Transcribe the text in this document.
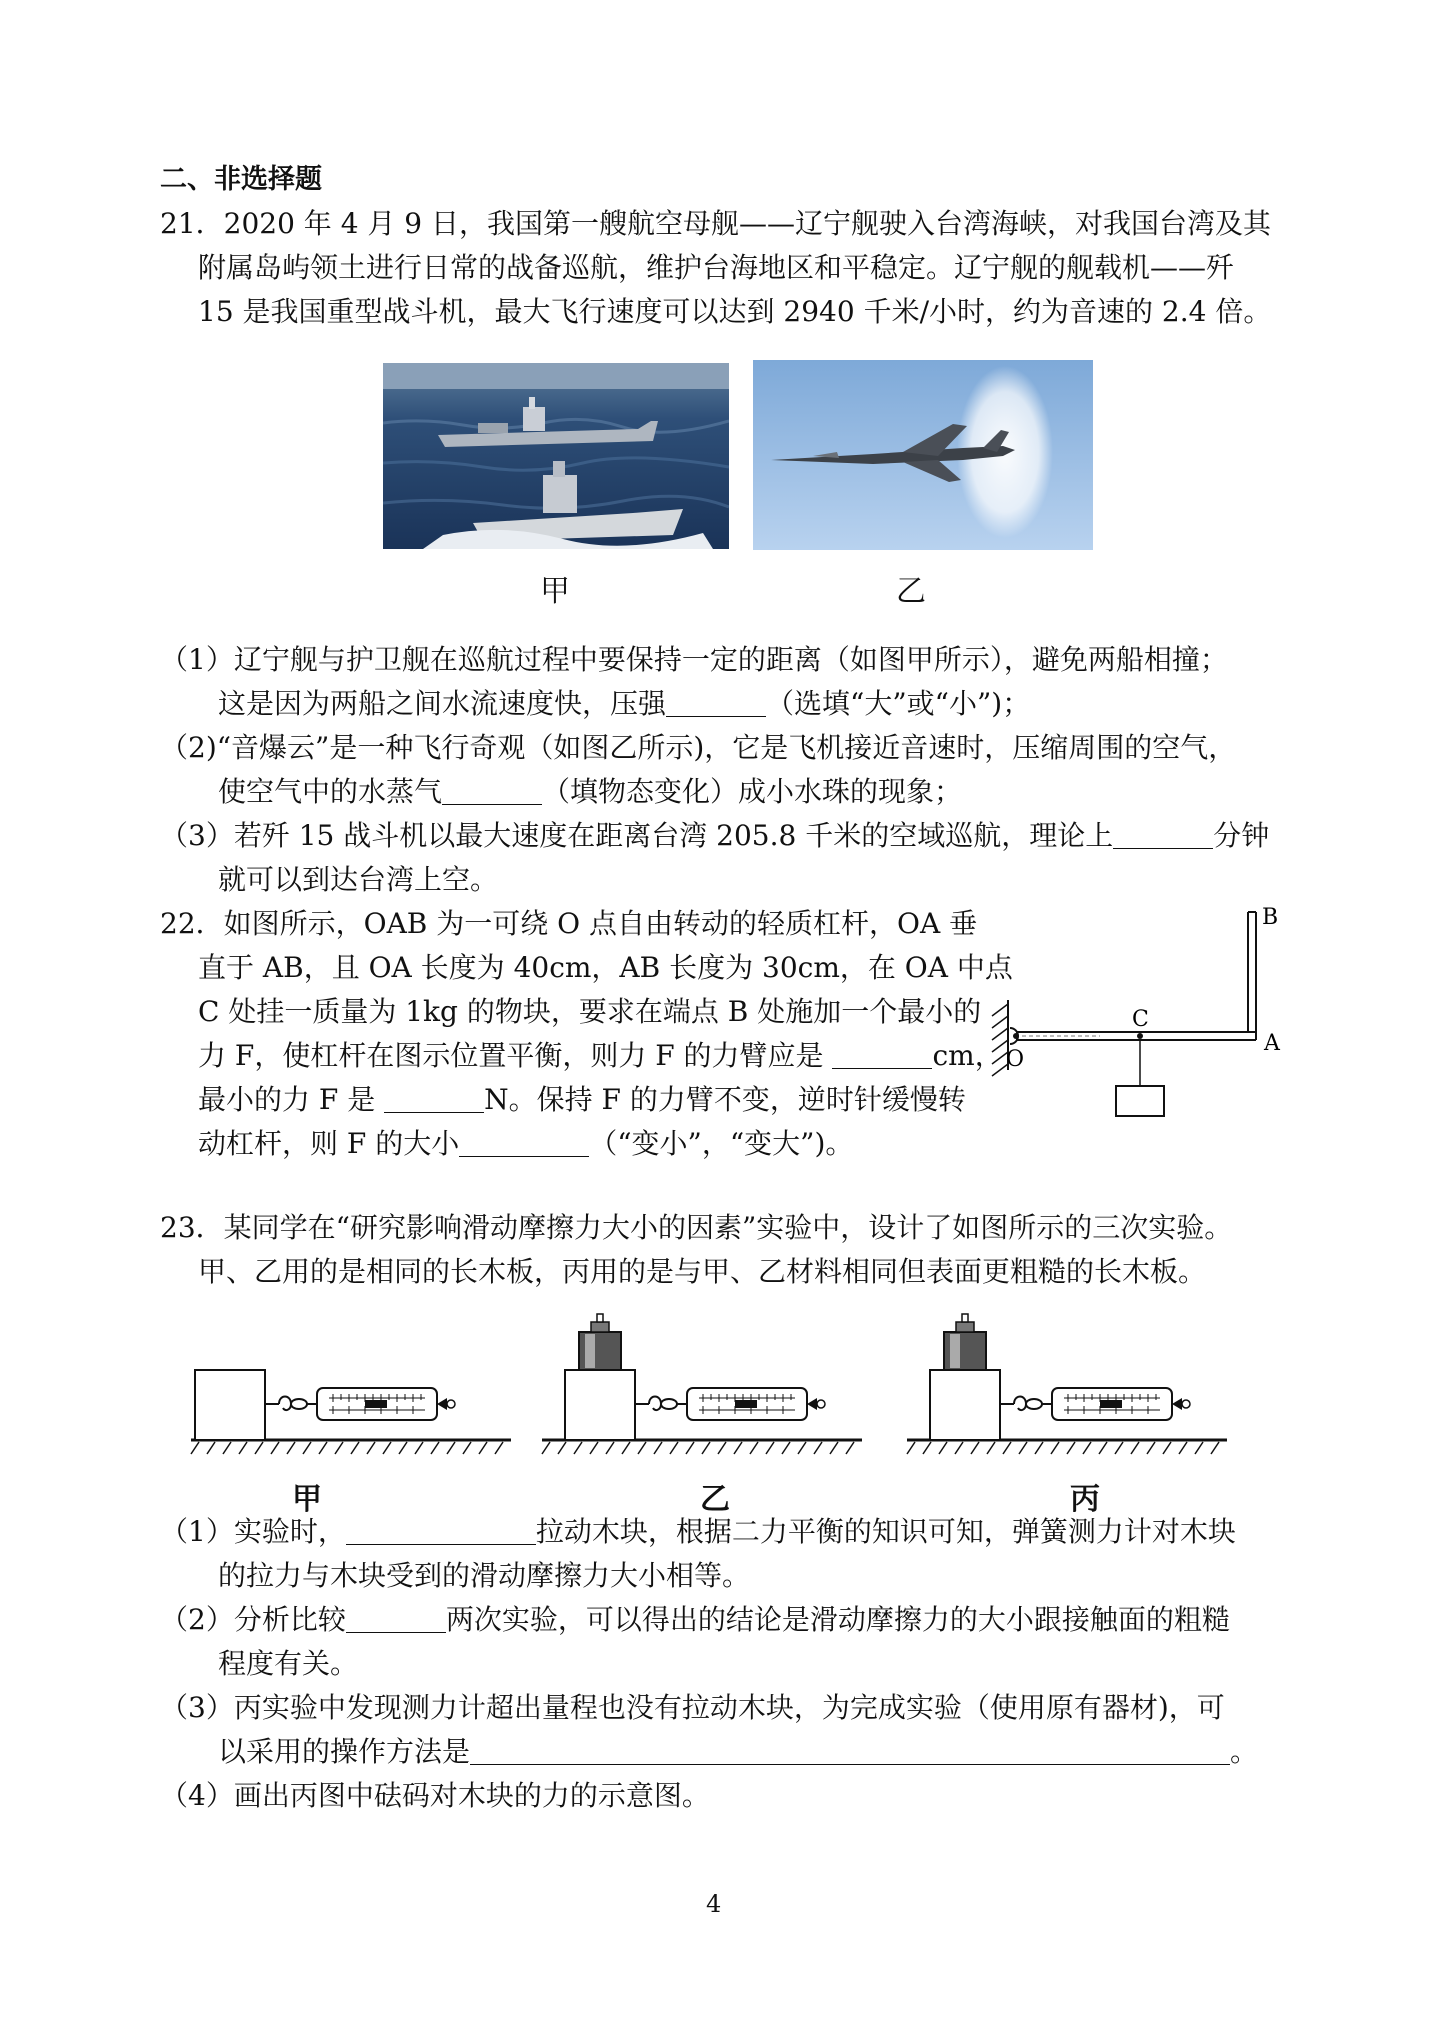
二、非选择题
21．2020 年 4 月 9 日，我国第一艘航空母舰——辽宁舰驶入台湾海峡，对我国台湾及其
附属岛屿领土进行日常的战备巡航，维护台海地区和平稳定。辽宁舰的舰载机——歼
15 是我国重型战斗机，最大飞行速度可以达到 2940 千米/小时，约为音速的 2.4 倍。
甲	乙
（1）辽宁舰与护卫舰在巡航过程中要保持一定的距离（如图甲所示），避免两船相撞；
这是因为两船之间水流速度快，压强	（选填“大”或“小”)；
（2)“音爆云”是一种飞行奇观（如图乙所示)，它是飞机接近音速时，压缩周围的空气，
使空气中的水蒸气	（填物态变化）成小水珠的现象；
（3）若歼 15 战斗机以最大速度在距离台湾 205.8 千米的空域巡航，理论上	分钟
就可以到达台湾上空。
22．如图所示，OAB 为一可绕 O 点自由转动的轻质杠杆，OA 垂
直于 AB，且 OA 长度为 40cm，AB 长度为 30cm，在 OA 中点
C 处挂一质量为 1kg 的物块，要求在端点 B 处施加一个最小的
力 F，使杠杆在图示位置平衡，则力 F 的力臂应是	cm，
最小的力 F 是	N。保持 F 的力臂不变，逆时针缓慢转
动杠杆，则 F 的大小	（“变小”，“变大”)。
B
C
A
O
23．某同学在“研究影响滑动摩擦力大小的因素”实验中，设计了如图所示的三次实验。
甲、乙用的是相同的长木板，丙用的是与甲、乙材料相同但表面更粗糙的长木板。
甲	乙	丙
（1）实验时，	拉动木块，根据二力平衡的知识可知，弹簧测力计对木块
的拉力与木块受到的滑动摩擦力大小相等。
（2）分析比较	两次实验，可以得出的结论是滑动摩擦力的大小跟接触面的粗糙
程度有关。
（3）丙实验中发现测力计超出量程也没有拉动木块，为完成实验（使用原有器材)，可
以采用的操作方法是	。
（4）画出丙图中砝码对木块的力的示意图。
4
